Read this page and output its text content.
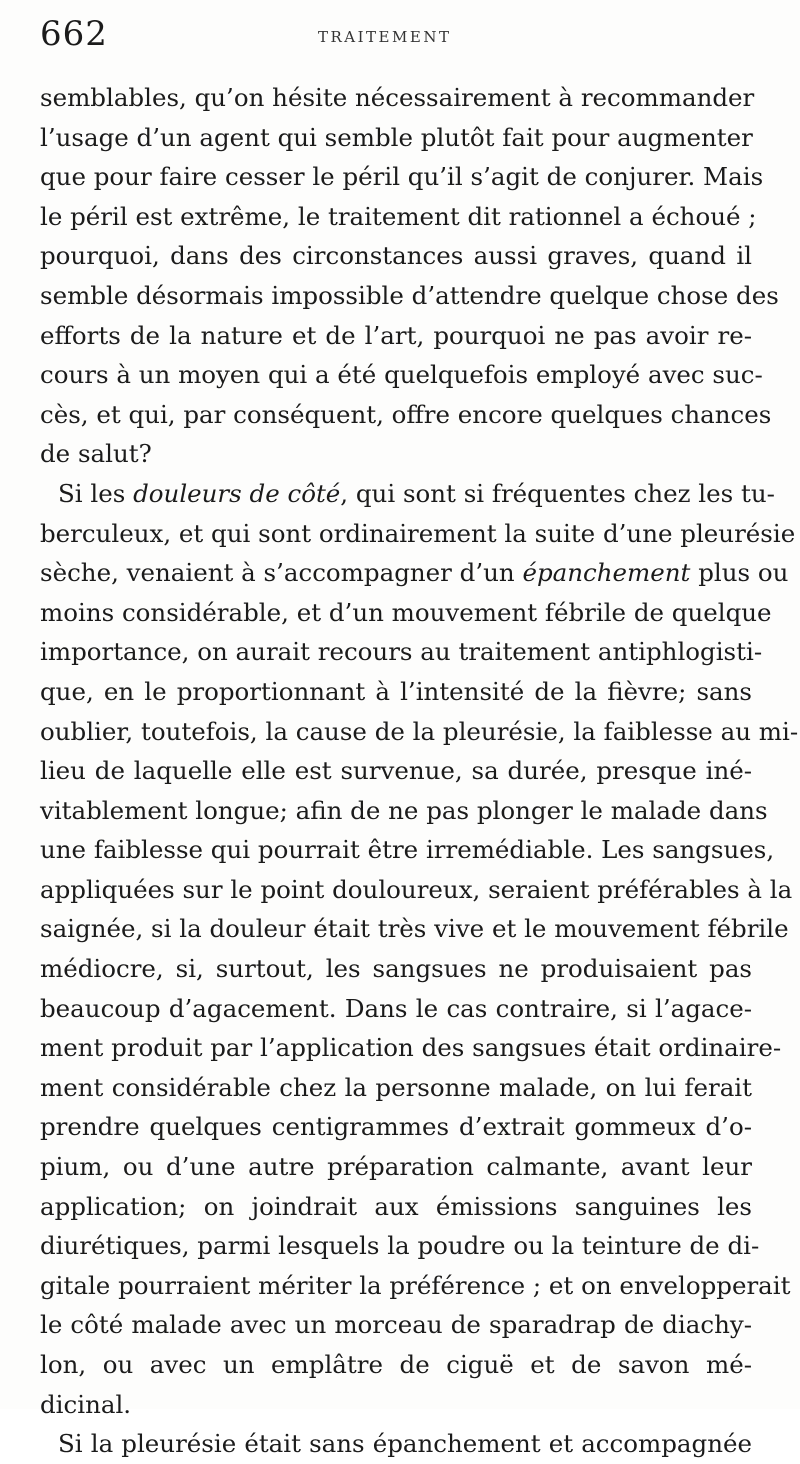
662	TRAITEMENT
semblables, qu’on hésite nécessairement à recommander
l’usage d’un agent qui semble plutôt fait pour augmenter
que pour faire cesser le péril qu’il s’agit de conjurer. Mais
le péril est extrême, le traitement dit rationnel a échoué ;
pourquoi, dans des circonstances aussi graves, quand il
semble désormais impossible d’attendre quelque chose des
efforts de la nature et de l’art, pourquoi ne pas avoir re-
cours à un moyen qui a été quelquefois employé avec suc-
cès, et qui, par conséquent, offre encore quelques chances
de salut?
Si les douleurs de côté, qui sont si fréquentes chez les tu-
berculeux, et qui sont ordinairement la suite d’une pleurésie
sèche, venaient à s’accompagner d’un épanchement plus ou
moins considérable, et d’un mouvement fébrile de quelque
importance, on aurait recours au traitement antiphlogisti-
que, en le proportionnant à l’intensité de la fièvre; sans
oublier, toutefois, la cause de la pleurésie, la faiblesse au mi-
lieu de laquelle elle est survenue, sa durée, presque iné-
vitablement longue; afin de ne pas plonger le malade dans
une faiblesse qui pourrait être irremédiable. Les sangsues,
appliquées sur le point douloureux, seraient préférables à la
saignée, si la douleur était très vive et le mouvement fébrile
médiocre, si, surtout, les sangsues ne produisaient pas
beaucoup d’agacement. Dans le cas contraire, si l’agace-
ment produit par l’application des sangsues était ordinaire-
ment considérable chez la personne malade, on lui ferait
prendre quelques centigrammes d’extrait gommeux d’o-
pium, ou d’une autre préparation calmante, avant leur
application; on joindrait aux émissions sanguines les
diurétiques, parmi lesquels la poudre ou la teinture de di-
gitale pourraient mériter la préférence ; et on envelopperait
le côté malade avec un morceau de sparadrap de diachy-
lon, ou avec un emplâtre de ciguë et de savon mé-
dicinal.
Si la pleurésie était sans épanchement et accompagnée
